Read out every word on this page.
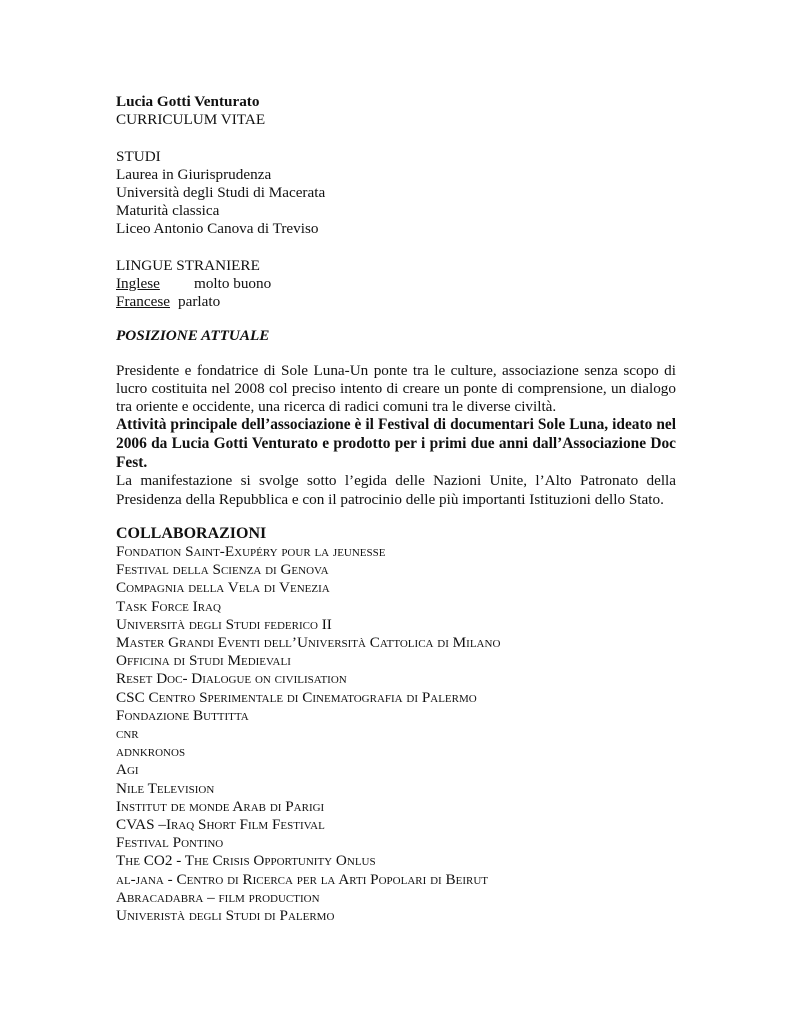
Lucia Gotti Venturato
CURRICULUM VITAE
STUDI
Laurea in Giurisprudenza
Università degli Studi di Macerata
Maturità classica
Liceo Antonio Canova di Treviso
LINGUE STRANIERE
Inglese molto buono
Francese parlato
POSIZIONE ATTUALE

Presidente e fondatrice di Sole Luna-Un ponte tra le culture, associazione senza scopo di lucro costituita nel 2008 col preciso intento di creare un ponte di comprensione, un dialogo tra oriente e occidente, una ricerca di radici comuni tra le diverse civiltà.

Attività principale dell’associazione è il Festival di documentari Sole Luna, ideato nel 2006 da Lucia Gotti Venturato e prodotto per i primi due anni dall’Associazione Doc Fest.

La manifestazione si svolge sotto l’egida delle Nazioni Unite, l’Alto Patronato della Presidenza della Repubblica e con il patrocinio delle più importanti Istituzioni dello Stato.

COLLABORAZIONI
Fondation Saint-Exupéry pour la jeunesse
Festival della Scienza di Genova
Compagnia della Vela di Venezia
Task Force Iraq
Università degli Studi federico II
Master Grandi Eventi dell’Università Cattolica di Milano
Officina di Studi Medievali
Reset Doc- Dialogue on civilisation
CSC Centro Sperimentale di Cinematografia di Palermo
Fondazione Buttitta
cnr
adnkronos
Agi
Nile Television
Institut de monde Arab di Parigi
CVAS –Iraq Short Film Festival
Festival Pontino
The CO2 - The Crisis Opportunity Onlus
al-jana - Centro di Ricerca per la Arti Popolari di Beirut
Abracadabra – film production
Univeristà degli Studi di Palermo
